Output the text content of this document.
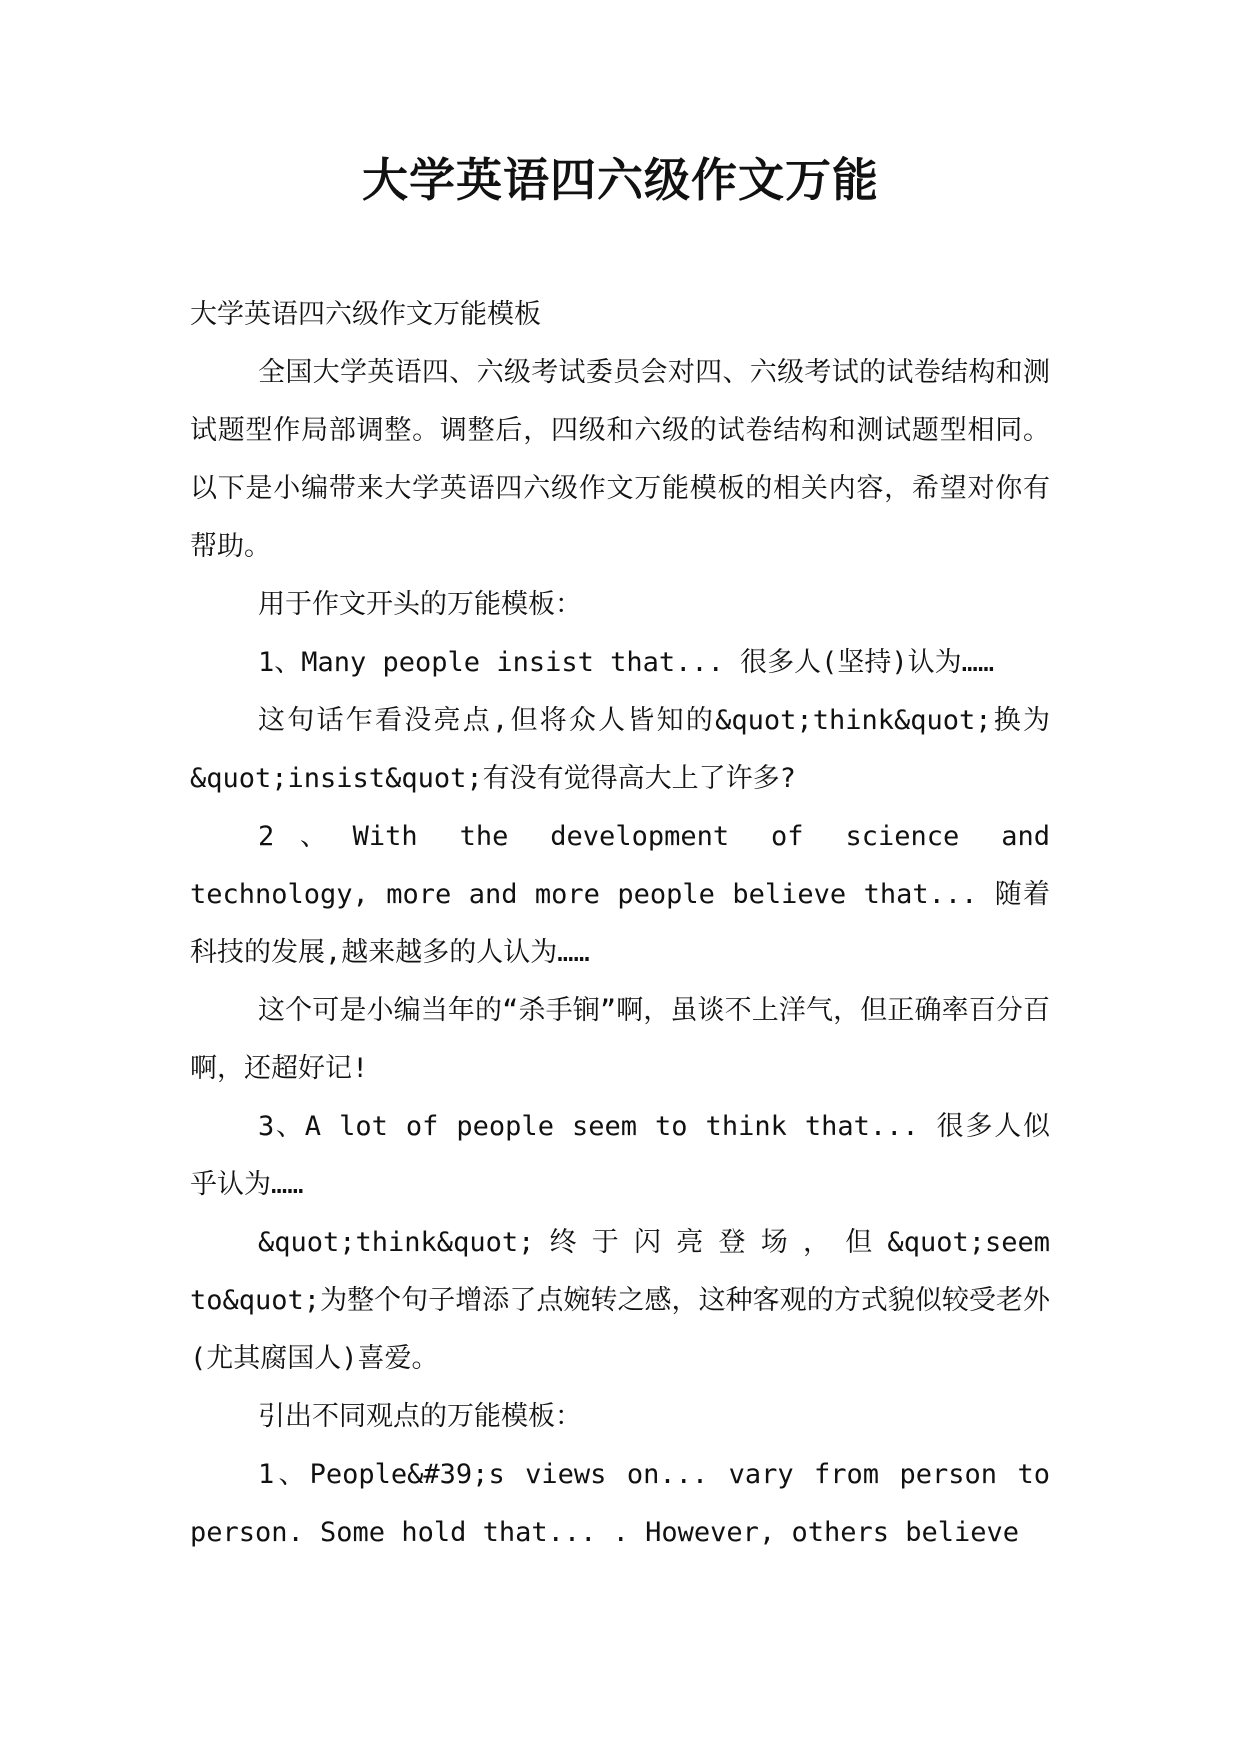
大学英语四六级作文万能

大学英语四六级作文万能模板

全国大学英语四、六级考试委员会对四、六级考试的试卷结构和测试题型作局部调整。调整后，四级和六级的试卷结构和测试题型相同。以下是小编带来大学英语四六级作文万能模板的相关内容，希望对你有帮助。

用于作文开头的万能模板：

1、Many people insist that... 很多人(坚持)认为……

这句话乍看没亮点,但将众人皆知的&quot;think&quot;换为&quot;insist&quot;有没有觉得高大上了许多?

2、With the development of science and technology, more and more people believe that... 随着科技的发展,越来越多的人认为……

这个可是小编当年的“杀手锏”啊，虽谈不上洋气，但正确率百分百啊，还超好记!

3、A lot of people seem to think that... 很多人似乎认为……

&quot;think&quot;终于闪亮登场，但&quot;seem to&quot;为整个句子增添了点婉转之感，这种客观的方式貌似较受老外(尤其腐国人)喜爱。

引出不同观点的万能模板：

1、People&#39;s views on... vary from person to person. Some hold that... . However, others believe
